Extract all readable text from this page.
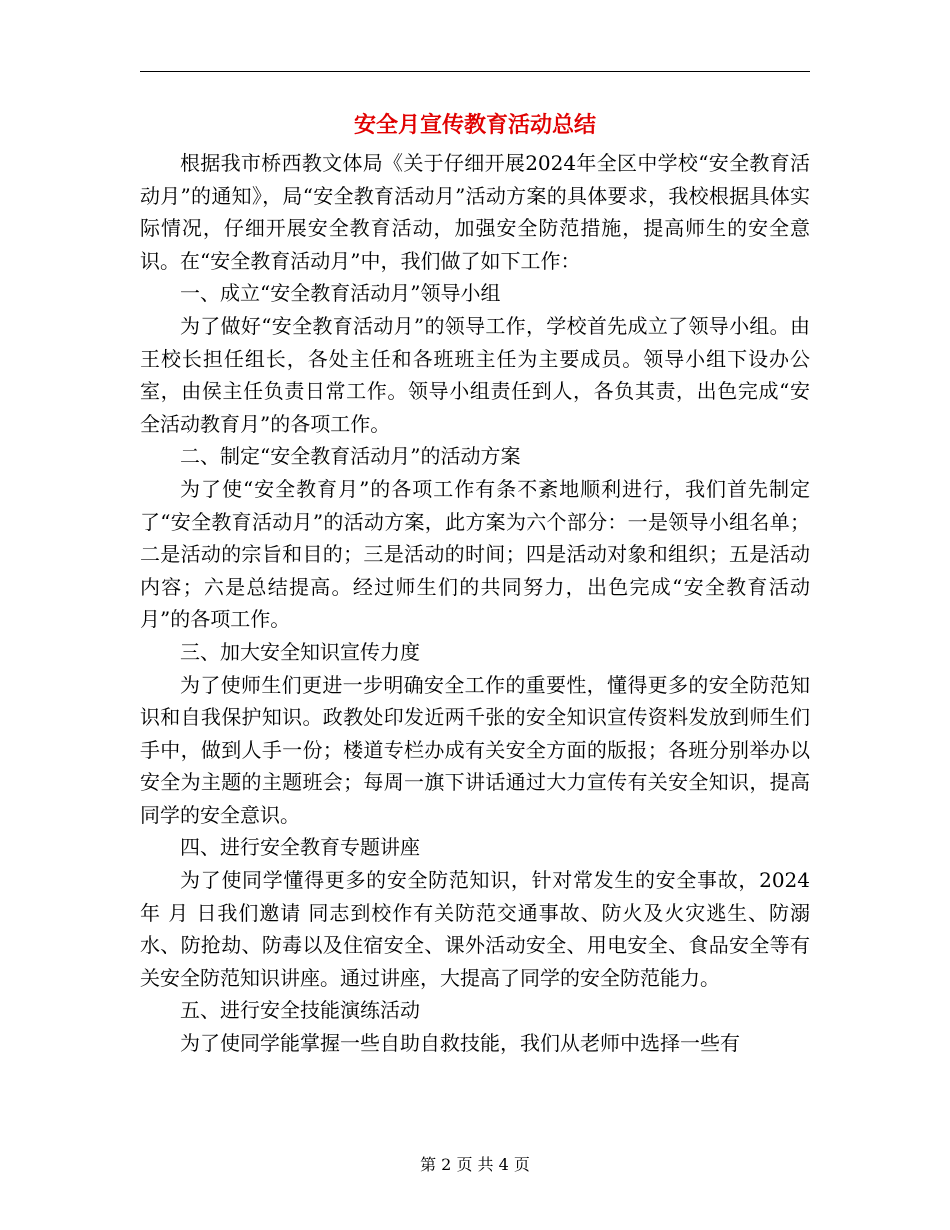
安全月宣传教育活动总结

根据我市桥西教文体局《关于仔细开展2024年全区中学校“安全教育活动月”的通知》，局“安全教育活动月”活动方案的具体要求，我校根据具体实际情况，仔细开展安全教育活动，加强安全防范措施，提高师生的安全意识。在“安全教育活动月”中，我们做了如下工作：

一、成立“安全教育活动月”领导小组

为了做好“安全教育活动月”的领导工作，学校首先成立了领导小组。由王校长担任组长，各处主任和各班班主任为主要成员。领导小组下设办公室，由侯主任负责日常工作。领导小组责任到人，各负其责，出色完成“安全活动教育月”的各项工作。

二、制定“安全教育活动月”的活动方案

为了使“安全教育月”的各项工作有条不紊地顺利进行，我们首先制定了“安全教育活动月”的活动方案，此方案为六个部分：一是领导小组名单；二是活动的宗旨和目的；三是活动的时间；四是活动对象和组织；五是活动内容；六是总结提高。经过师生们的共同努力，出色完成“安全教育活动月”的各项工作。

三、加大安全知识宣传力度

为了使师生们更进一步明确安全工作的重要性，懂得更多的安全防范知识和自我保护知识。政教处印发近两千张的安全知识宣传资料发放到师生们手中，做到人手一份；楼道专栏办成有关安全方面的版报；各班分别举办以安全为主题的主题班会；每周一旗下讲话通过大力宣传有关安全知识，提高同学的安全意识。

四、进行安全教育专题讲座

为了使同学懂得更多的安全防范知识，针对常发生的安全事故，2024年 月 日我们邀请 同志到校作有关防范交通事故、防火及火灾逃生、防溺水、防抢劫、防毒以及住宿安全、课外活动安全、用电安全、食品安全等有关安全防范知识讲座。通过讲座，大提高了同学的安全防范能力。

五、进行安全技能演练活动

为了使同学能掌握一些自助自救技能，我们从老师中选择一些有

第 2 页 共 4 页
